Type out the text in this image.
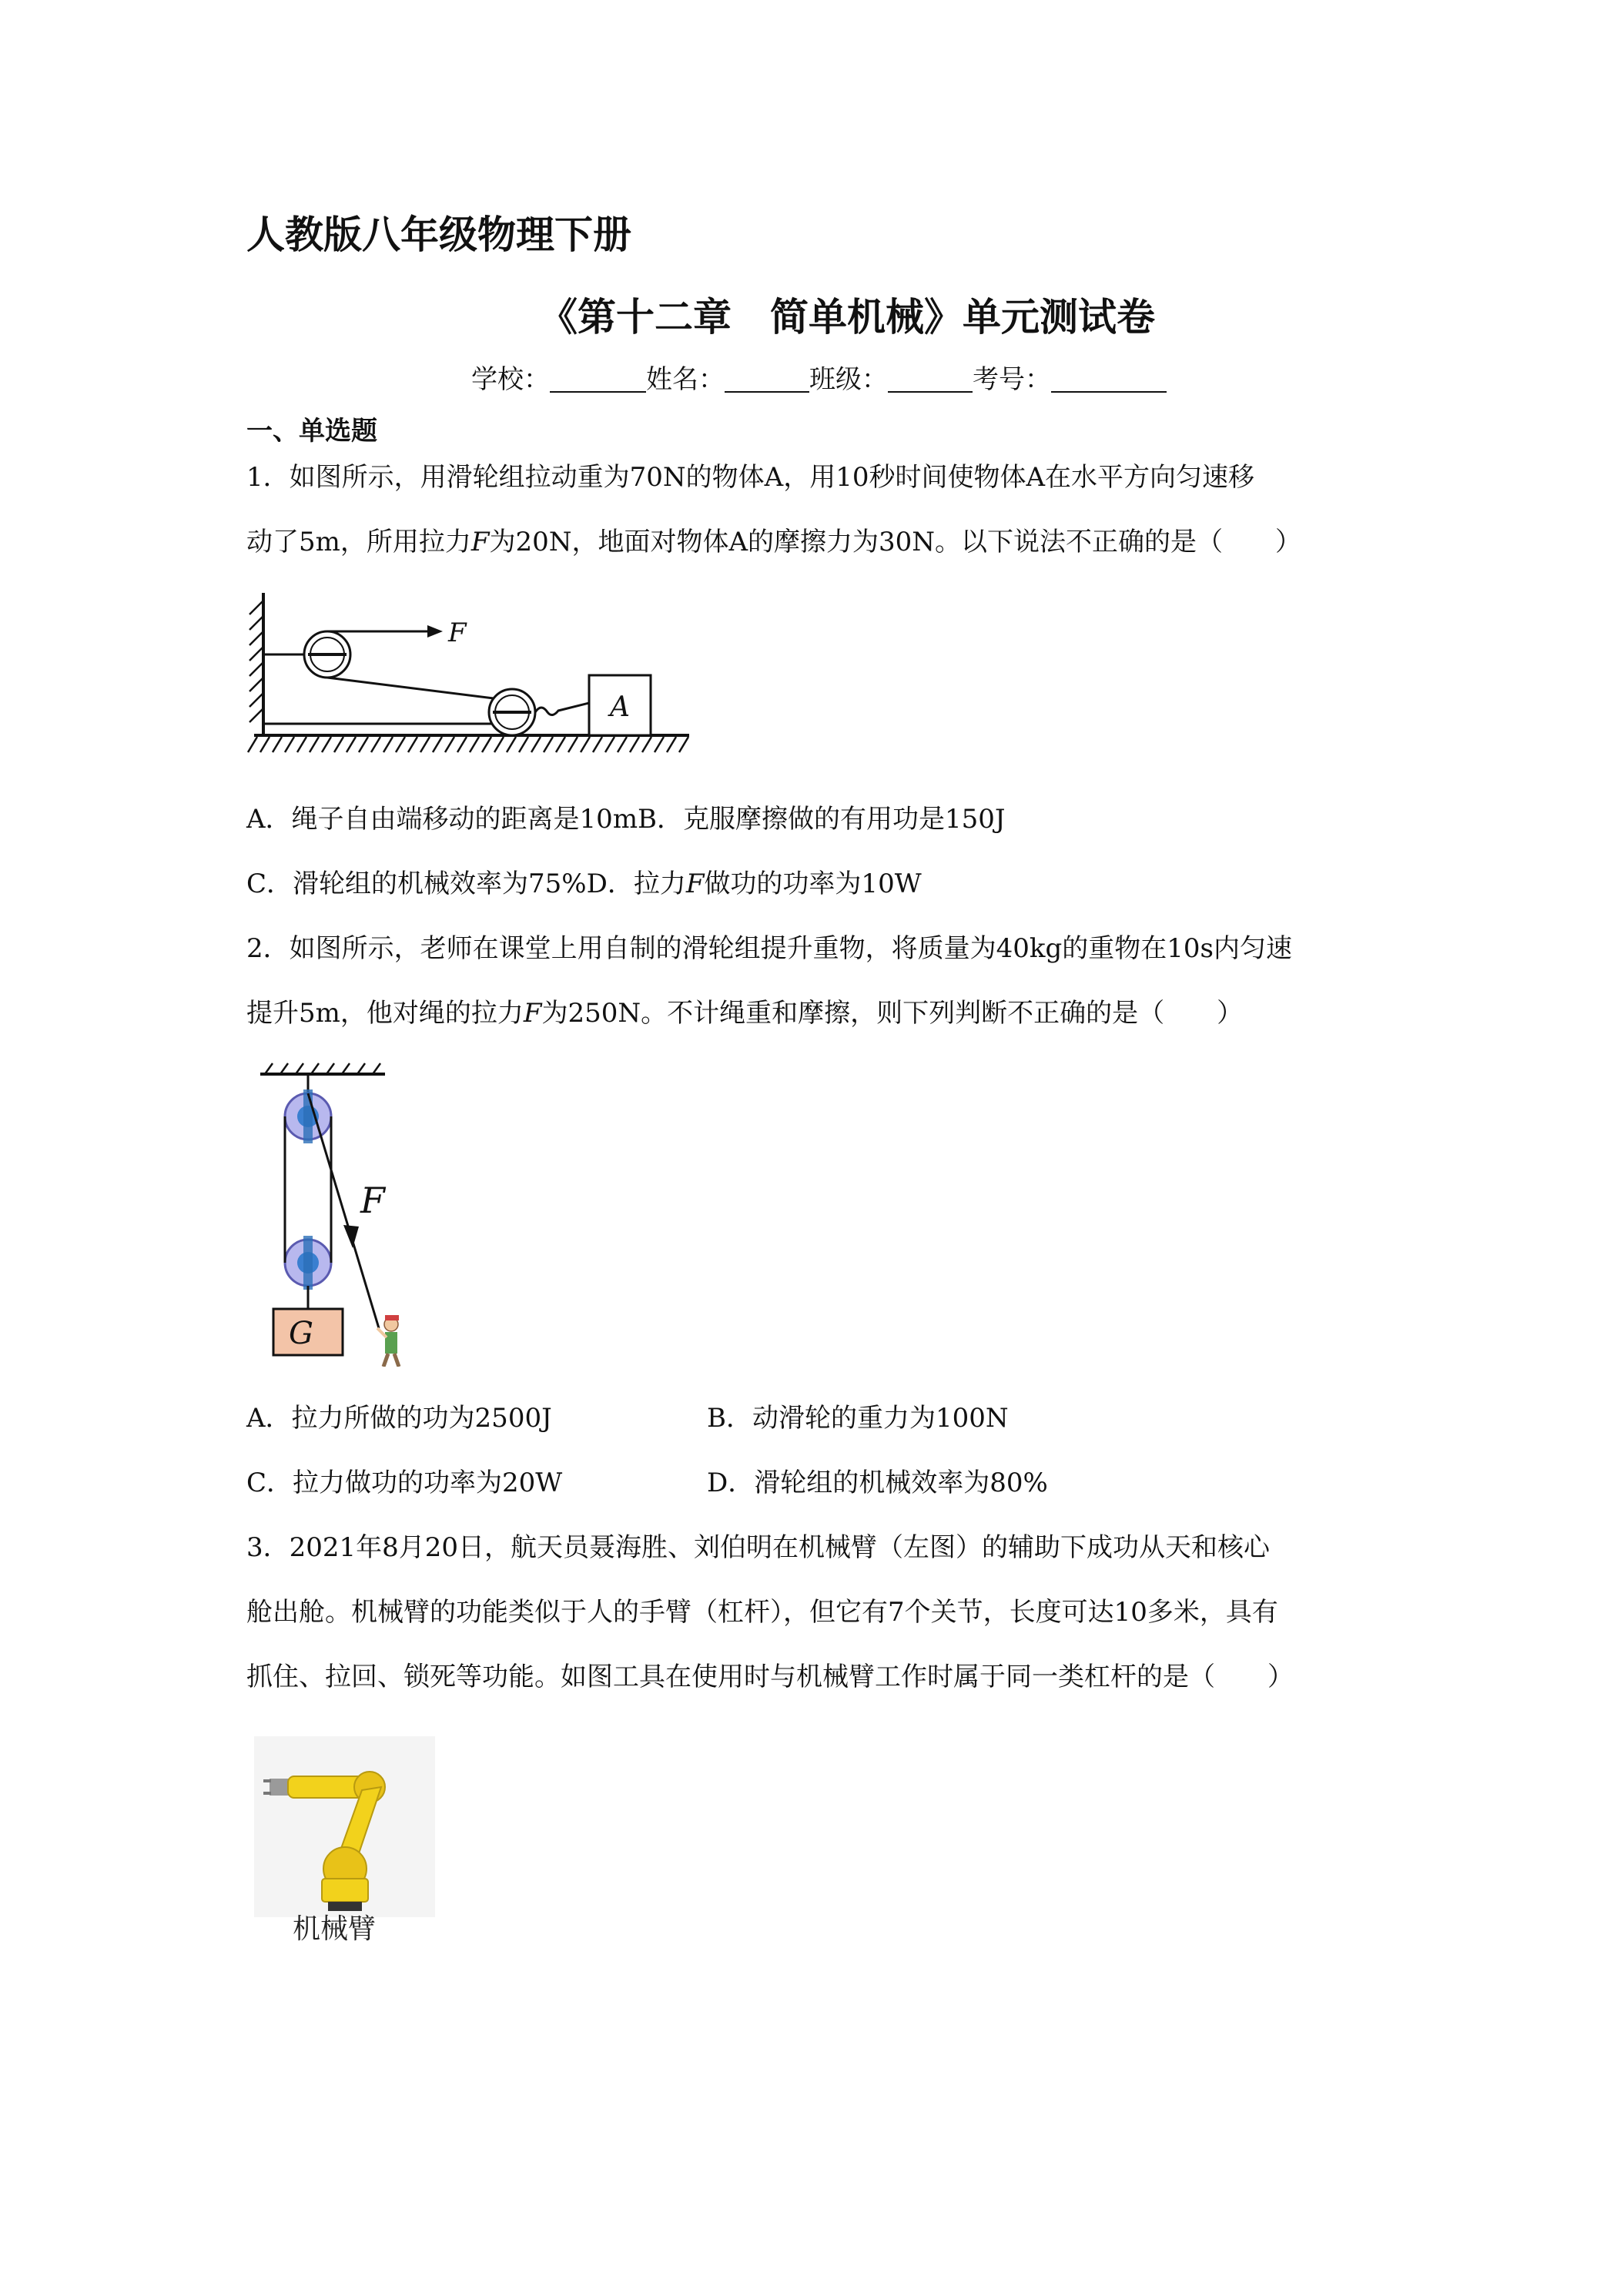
人教版八年级物理下册
《第十二章　简单机械》单元测试卷
学校：	姓名：	班级：	考号：
一、单选题
1．如图所示，用滑轮组拉动重为70N的物体A，用10秒时间使物体A在水平方向匀速移
动了5m，所用拉力F为20N，地面对物体A的摩擦力为30N。以下说法不正确的是（　　）
F
A
A．绳子自由端移动的距离是10mB．克服摩擦做的有用功是150J
C．滑轮组的机械效率为75%D．拉力F做功的功率为10W
2．如图所示，老师在课堂上用自制的滑轮组提升重物，将质量为40kg的重物在10s内匀速
提升5m，他对绳的拉力F为250N。不计绳重和摩擦，则下列判断不正确的是（　　）
F
G
A．拉力所做的功为2500J	B．动滑轮的重力为100N
C．拉力做功的功率为20W	D．滑轮组的机械效率为80%
3．2021年8月20日，航天员聂海胜、刘伯明在机械臂（左图）的辅助下成功从天和核心
舱出舱。机械臂的功能类似于人的手臂（杠杆），但它有7个关节，长度可达10多米，具有
抓住、拉回、锁死等功能。如图工具在使用时与机械臂工作时属于同一类杠杆的是（　　）
机械臂
